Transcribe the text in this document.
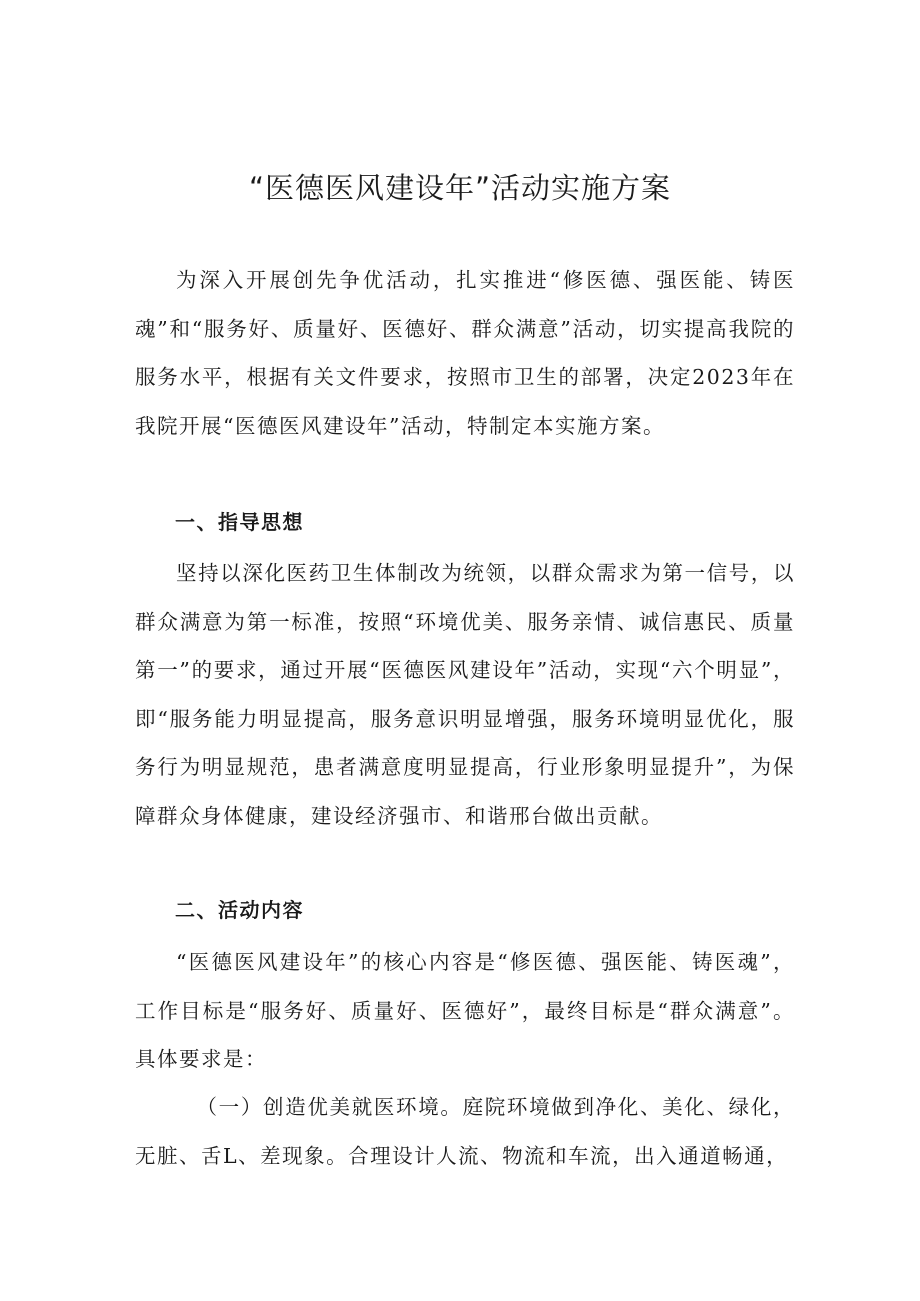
“医德医风建设年”活动实施方案

为深入开展创先争优活动，扎实推进“修医德、强医能、铸医魂”和“服务好、质量好、医德好、群众满意”活动，切实提高我院的服务水平，根据有关文件要求，按照市卫生的部署，决定2023年在我院开展“医德医风建设年”活动，特制定本实施方案。

一、指导思想

坚持以深化医药卫生体制改为统领，以群众需求为第一信号，以群众满意为第一标准，按照“环境优美、服务亲情、诚信惠民、质量第一”的要求，通过开展“医德医风建设年”活动，实现“六个明显”，即“服务能力明显提高，服务意识明显增强，服务环境明显优化，服务行为明显规范，患者满意度明显提高，行业形象明显提升”，为保障群众身体健康，建设经济强市、和谐邢台做出贡献。

二、活动内容

“医德医风建设年”的核心内容是“修医德、强医能、铸医魂”，工作目标是“服务好、质量好、医德好”，最终目标是“群众满意”。具体要求是：

（一）创造优美就医环境。庭院环境做到净化、美化、绿化，无脏、舌L、差现象。合理设计人流、物流和车流，出入通道畅通，
